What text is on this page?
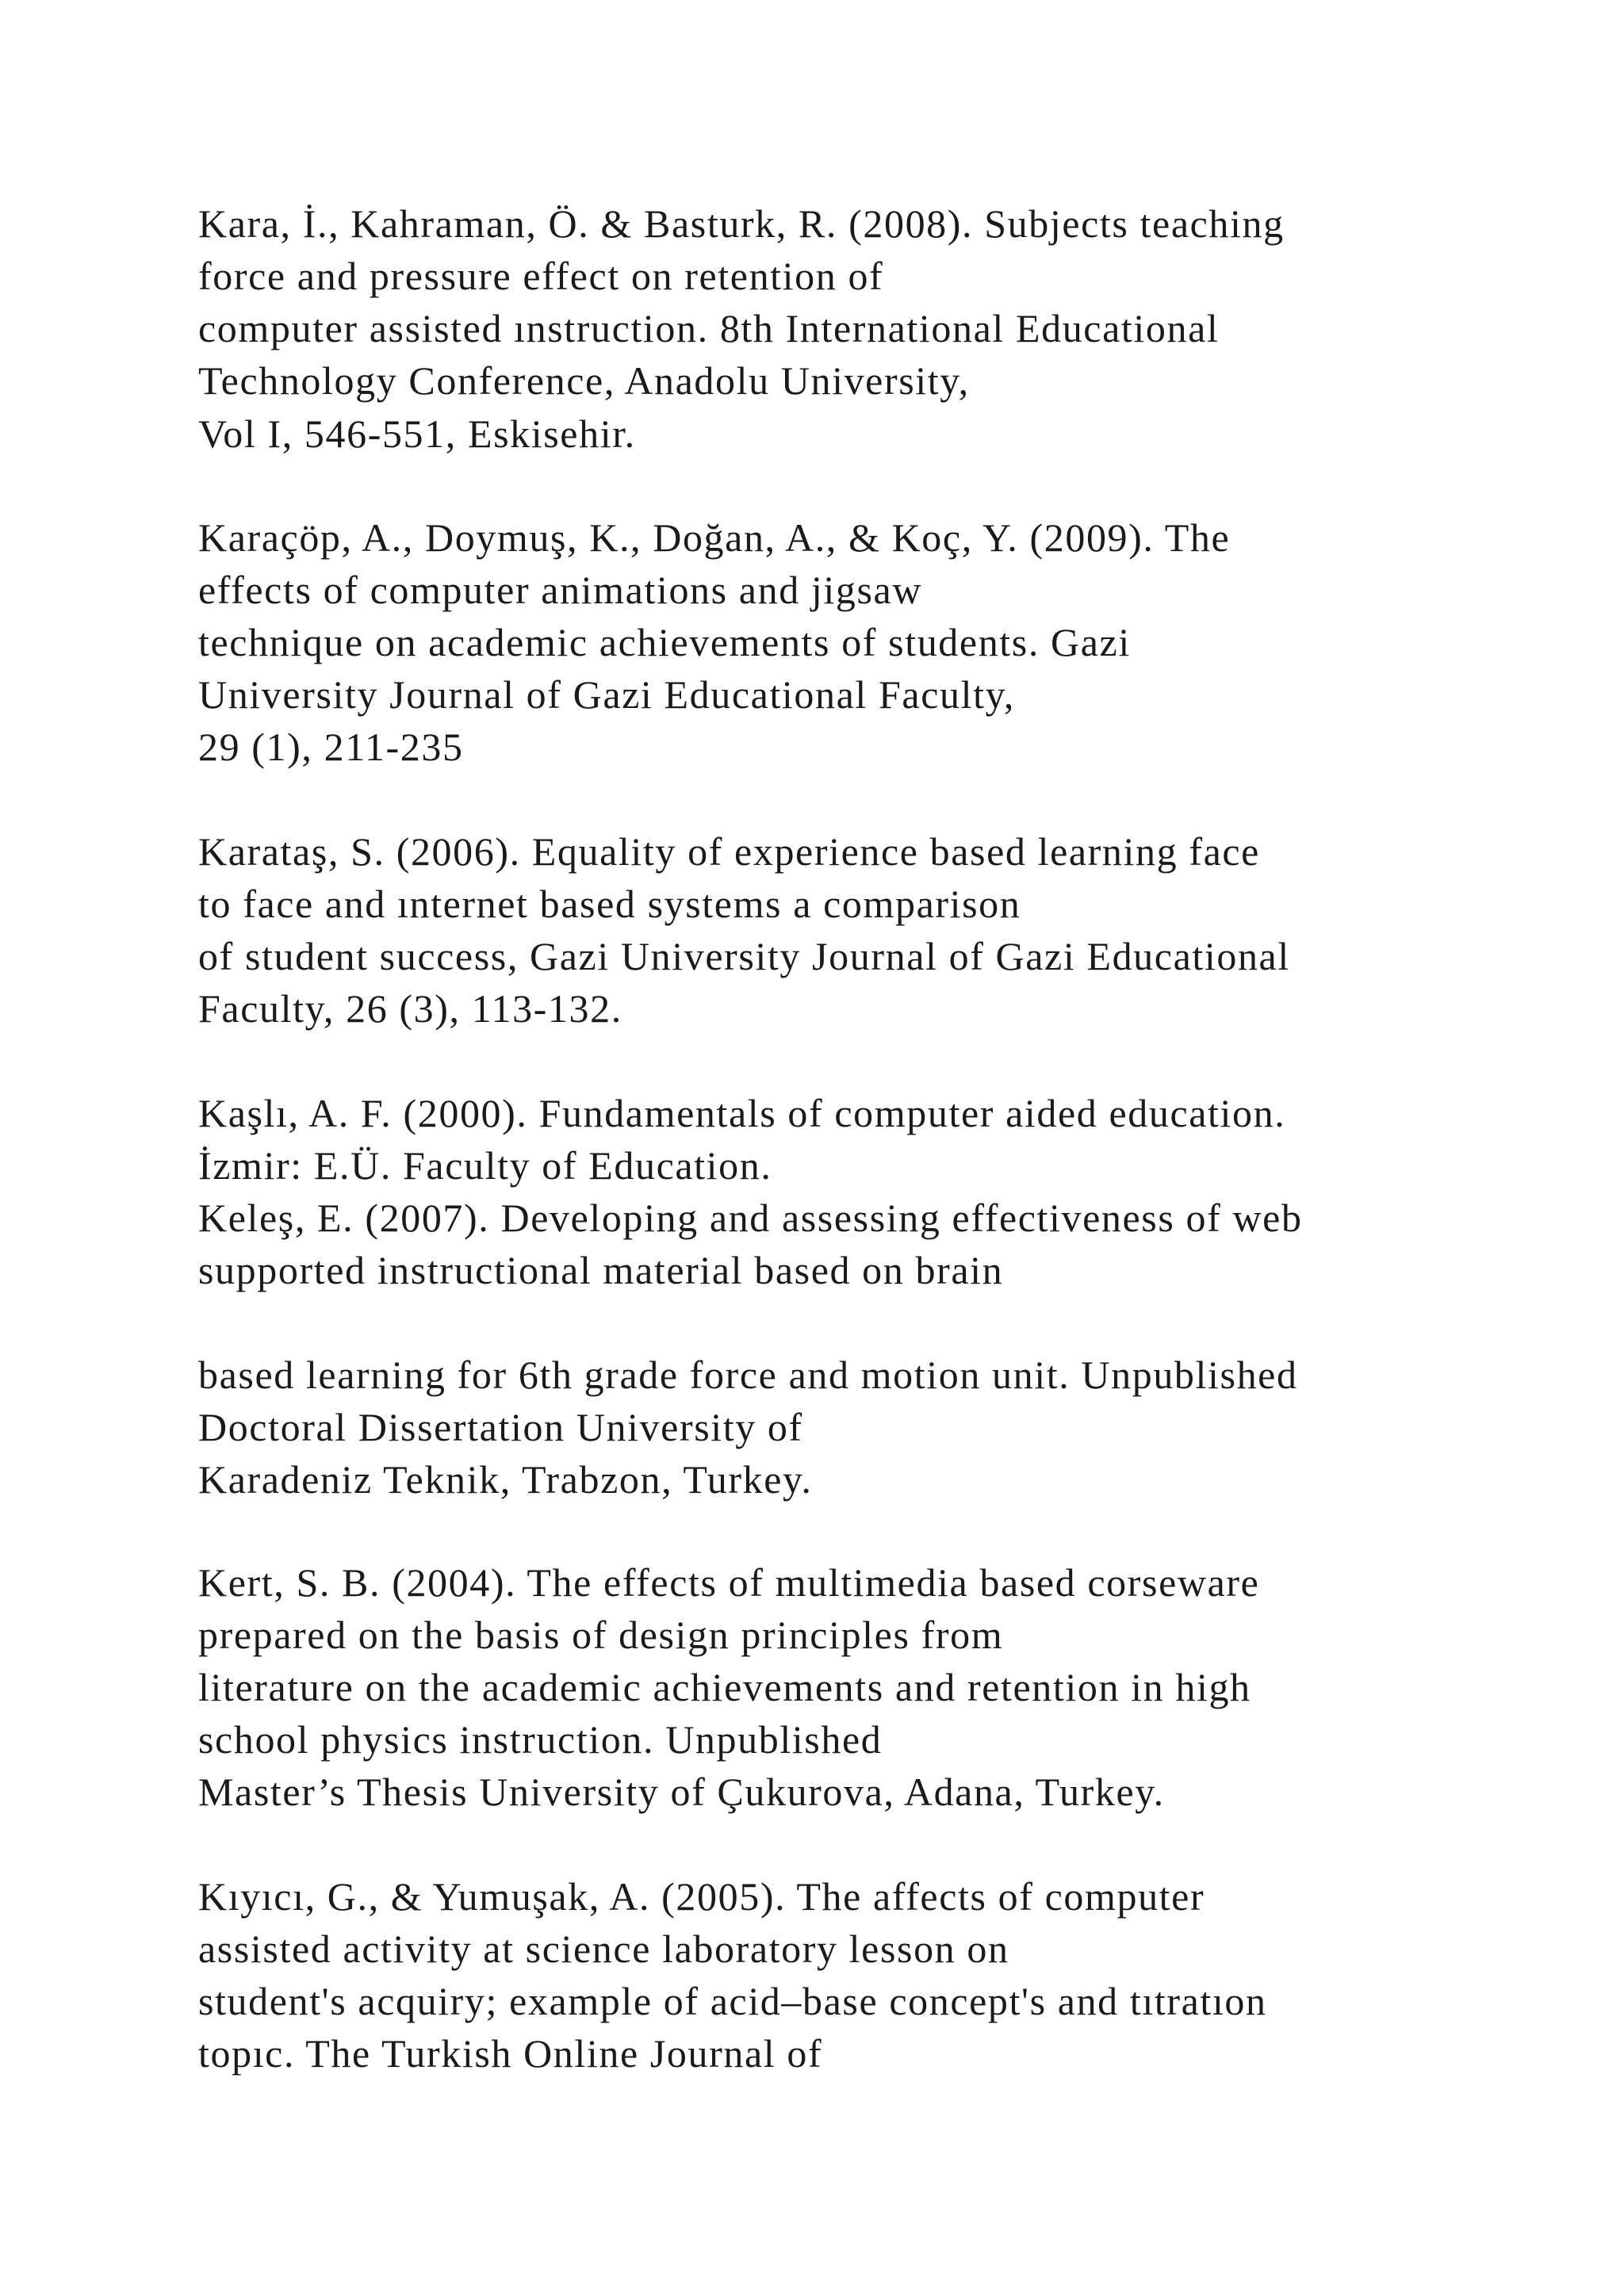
Kara, İ., Kahraman, Ö. & Basturk, R. (2008). Subjects teaching
force and pressure effect on retention of
computer assisted ınstruction. 8th International Educational
Technology Conference, Anadolu University,
Vol I, 546-551, Eskisehir.
Karaçöp, A., Doymuş, K., Doğan, A., & Koç, Y. (2009). The
effects of computer animations and jigsaw
technique on academic achievements of students. Gazi
University Journal of Gazi Educational Faculty,
29 (1), 211-235
Karataş, S. (2006). Equality of experience based learning face
to face and ınternet based systems a comparison
of student success, Gazi University Journal of Gazi Educational
Faculty, 26 (3), 113-132.
Kaşlı, A. F. (2000). Fundamentals of computer aided education.
İzmir: E.Ü. Faculty of Education.
Keleş, E. (2007). Developing and assessing effectiveness of web
supported instructional material based on brain
based learning for 6th grade force and motion unit. Unpublished
Doctoral Dissertation University of
Karadeniz Teknik, Trabzon, Turkey.
Kert, S. B. (2004). The effects of multimedia based corseware
prepared on the basis of design principles from
literature on the academic achievements and retention in high
school physics instruction. Unpublished
Master’s Thesis University of Çukurova, Adana, Turkey.
Kıyıcı, G., & Yumuşak, A. (2005). The affects of computer
assisted activity at science laboratory lesson on
student's acquiry; example of acid–base concept's and tıtratıon
topıc. The Turkish Online Journal of
